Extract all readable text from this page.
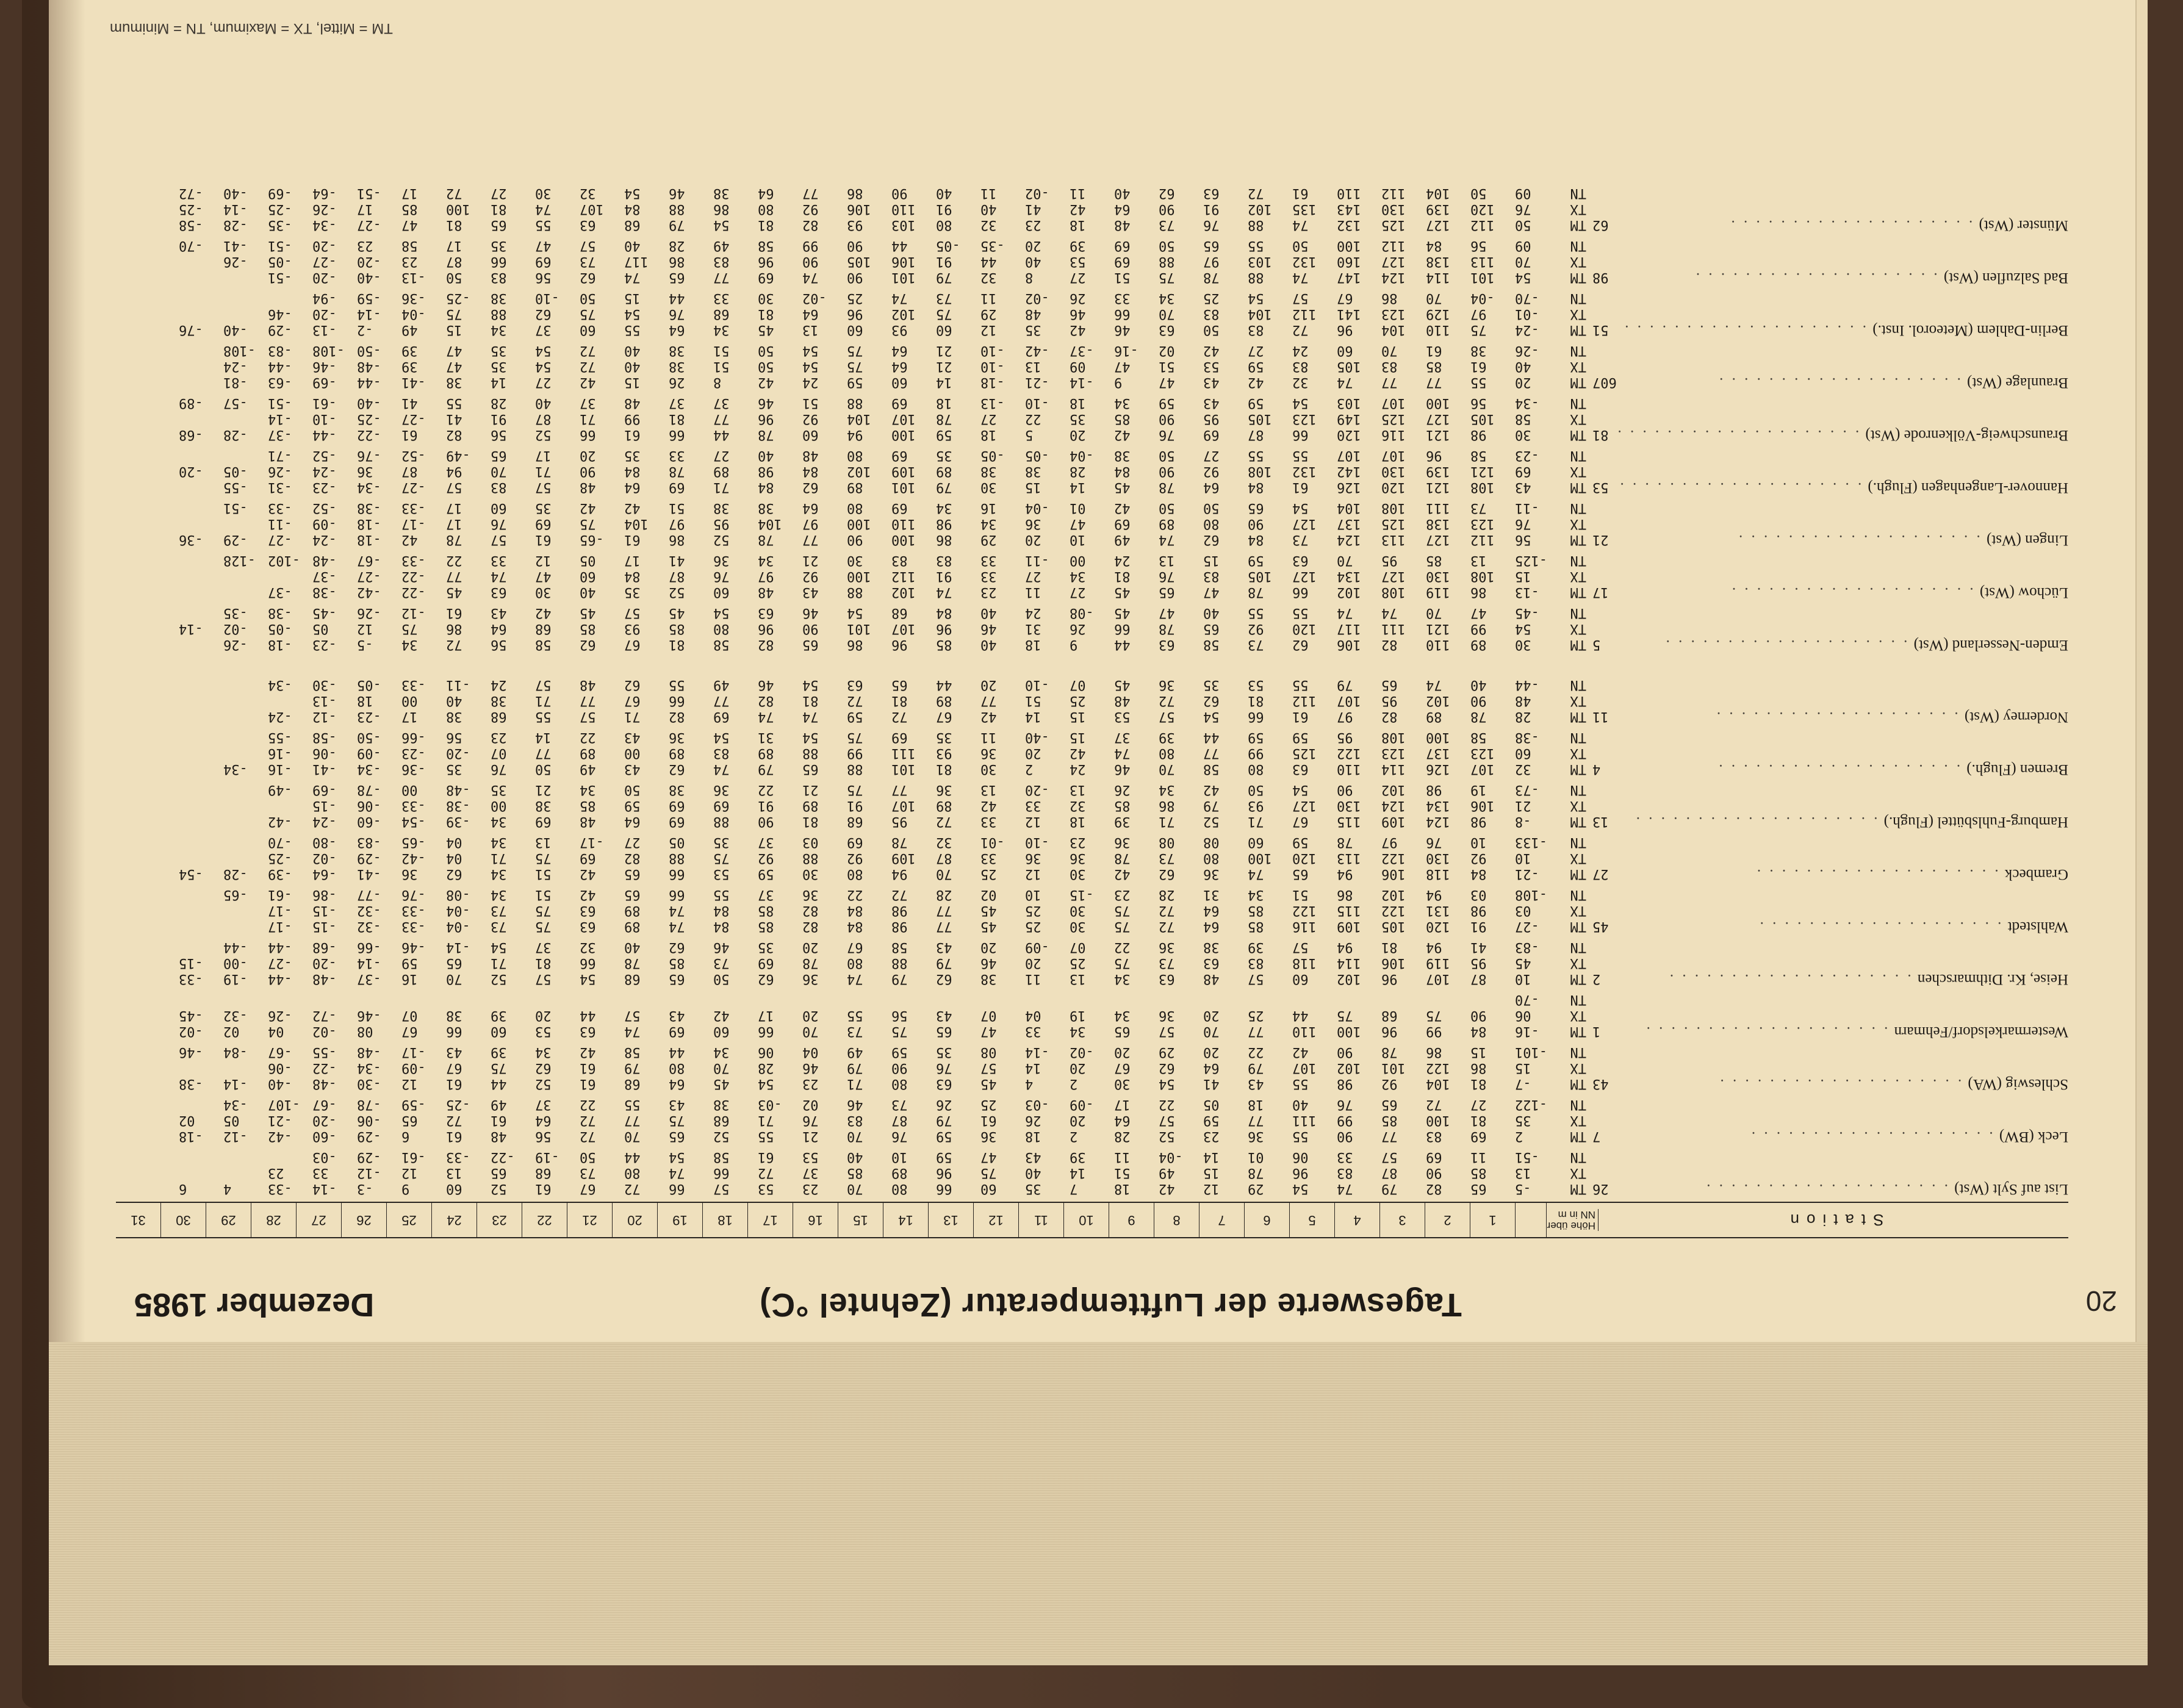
20
Tageswerte der Lufttemperatur (Zehntel °C)
Dezember 1985
Station
Höhe über NN in m
1
2
3
4
5
6
7
8
9
10
11
12
13
14
15
16
17
18
19
20
21
22
23
24
25
26
27
28
29
30
31
List auf Sylt (Wst) . . . . . . . . . . . . . . . . . . . .
26
TM
-5
65
82
79
74
54
29
12
42
18
7
35
60
66
80
70
23
53
57
66
72
67
61
52
60
9
-3
-14
-33
4
6
TX
13
85
90
87
83
96
78
15
49
51
14
40
75
96
89
85
37
72
66
74
80
73
68
65
13
12
-12
33
23
TN
-51
11
69
57
33
06
01
14
-04
11
39
43
47
59
10
40
53
61
58
54
44
50
-19
-22
-33
-61
-29
-03
Leck (BW) . . . . . . . . . . . . . . . . . . . .
7
TM
2
69
83
77
90
55
36
23
52
28
2
18
36
59
76
70
21
55
52
65
70
72
56
48
61
6
-29
-60
-42
-12
-18
TX
35
81
100
85
99
111
77
59
57
64
20
26
61
79
87
83
76
71
68
75
77
72
64
61
72
65
-06
-20
-21
05
02
TN
-122
27
72
65
76
40
18
05
22
17
-09
-03
25
26
73
46
02
-03
38
43
55
22
37
49
-25
-59
-78
-67
-107
-34
Schleswig (WA) . . . . . . . . . . . . . . . . . . . .
43
TM
-7
81
104
92
98
55
43
41
54
30
2
4
45
63
80
71
23
54
45
64
68
61
52
44
61
12
-30
-48
-40
-14
-38
TX
15
86
122
101
102
107
79
64
62
67
20
14
57
76
90
79
46
28
70
80
79
61
62
75
67
-09
-34
-22
-06
TN
-101
15
86
78
90
42
22
20
29
20
-02
-14
08
35
59
49
04
06
34
44
58
42
34
39
43
-17
-48
-55
-67
-84
-46
Westermarkelsdorf/Fehmarn . . . . . . . . . . . . . . . . . . . .
1
TM
-16
84
99
96
100
110
77
70
57
65
34
33
47
65
75
73
70
66
60
69
74
63
53
60
66
67
08
-02
04
02
-02
TX
06
90
75
68
75
44
25
20
36
34
19
04
07
43
56
55
20
17
42
43
57
44
20
39
38
07
-46
-72
-26
-32
-45
TN
-70
Heise, Kr. Dithmarschen . . . . . . . . . . . . . . . . . . . .
2
TM
10
87
107
96
102
60
57
48
63
34
13
11
38
62
79
74
36
62
50
65
68
54
57
52
70
16
-37
-48
-44
-19
-33
TX
45
95
119
106
114
118
83
63
73
75
25
20
46
79
88
80
78
69
73
85
78
66
81
71
65
59
-14
-20
-27
-00
-15
TN
-83
41
94
81
94
57
39
38
36
22
07
-09
20
43
58
67
20
35
46
62
40
32
37
54
-14
-46
-66
-68
-44
-44
Wahlstedt . . . . . . . . . . . . . . . . . . . .
45
TM
-27
91
120
105
109
116
85
64
72
75
30
25
45
77
98
84
82
85
84
74
89
63
75
73
-04
-33
-32
-15
-17
TX
03
98
131
122
115
122
85
64
72
75
30
25
45
77
98
84
82
85
84
74
89
63
75
73
-04
-33
-32
-15
-17
TN
-108
03
94
102
86
51
34
31
28
23
-15
10
02
28
72
22
36
37
55
66
65
42
51
34
-08
-76
-77
-86
-61
-65
Grambeck . . . . . . . . . . . . . . . . . . . .
27
TM
-21
84
118
106
94
65
74
36
62
42
30
12
25
70
94
80
30
59
53
66
65
42
51
34
62
36
-41
-64
-39
-28
-54
TX
10
92
130
122
113
120
100
80
73
78
36
36
33
87
109
92
88
92
75
88
82
69
75
71
04
-42
-29
-02
-25
TN
-133
10
76
97
78
59
60
08
08
36
23
-10
-01
32
78
69
03
37
35
05
27
-17
13
34
04
-65
-83
-80
-70
Hamburg-Fuhlsbüttel (Flugh.) . . . . . . . . . . . . . . . . . . . .
13
TM
-8
98
124
109
115
67
71
52
71
39
18
12
33
72
95
68
81
90
88
69
64
48
69
34
-39
-54
-60
-24
-42
TX
21
106
134
124
130
127
93
79
86
85
32
33
42
89
107
91
89
91
69
69
59
85
38
00
-38
-33
-06
-15
TN
-73
19
98
102
90
54
50
42
34
26
13
-20
13
36
77
75
21
22
36
38
50
34
21
35
-48
00
-78
-69
-49
Bremen (Flugh.) . . . . . . . . . . . . . . . . . . . .
4
TM
32
107
126
114
110
63
80
58
70
46
24
2
30
81
101
88
65
79
74
62
43
49
50
76
35
-36
-34
-41
-16
-34
TX
60
123
137
123
122
125
99
77
80
74
42
20
36
93
111
99
88
89
83
89
00
89
77
07
-20
-23
-09
-06
-16
TN
-38
58
100
108
95
59
59
44
39
37
15
-40
11
35
69
75
54
31
54
36
43
22
14
23
56
-66
-50
-58
-55
Norderney (Wst) . . . . . . . . . . . . . . . . . . . .
11
TM
28
78
89
82
97
61
66
54
57
53
15
14
42
67
72
59
74
74
69
82
71
57
55
68
38
17
-23
-12
-24
TX
48
90
102
95
107
112
81
62
72
48
25
51
77
89
81
72
81
82
77
66
67
77
71
38
40
00
18
-13
TN
-44
40
74
65
79
55
53
35
36
45
07
-10
20
44
65
63
54
46
49
55
62
48
57
24
-11
-33
-05
-30
-34
Emden-Nesserland (Wst) . . . . . . . . . . . . . . . . . . . .
5
TM
30
89
110
82
106
62
73
58
63
44
9
18
40
85
96
86
65
82
58
81
67
62
58
56
72
34
-5
-23
-18
-26
TX
54
99
121
111
117
120
92
65
78
66
26
31
46
96
107
101
90
96
80
85
93
85
68
64
86
75
12
05
-05
-02
-14
TN
-45
47
70
74
74
55
55
40
47
45
-08
24
40
84
68
54
46
63
54
45
57
45
42
43
61
-12
-26
-45
-38
-35
Lüchow (Wst) . . . . . . . . . . . . . . . . . . . .
17
TM
-13
86
119
108
102
66
78
47
65
45
27
11
23
74
102
88
43
48
60
52
35
40
30
63
45
-22
-42
-38
-37
TX
15
108
130
127
134
127
105
83
76
81
34
27
33
91
112
100
92
97
76
87
84
60
47
74
77
-22
-27
-37
TN
-125
13
85
95
70
63
59
15
13
24
00
-11
33
83
83
30
21
34
36
41
17
05
12
33
22
-33
-67
-48
-102
-128
Lingen (Wst) . . . . . . . . . . . . . . . . . . . .
21
TM
56
112
127
113
124
73
84
62
74
49
10
20
29
86
100
90
77
78
52
86
61
-65
61
57
78
42
-18
-24
-27
-29
-36
TX
76
123
138
125
137
127
90
80
89
69
47
36
34
98
110
100
97
104
95
97
104
75
69
76
17
-17
-18
-09
-11
TN
-11
73
111
108
104
54
65
50
50
42
01
-04
16
34
69
80
64
38
38
51
42
42
35
60
17
-33
-38
-52
-33
-51
Hannover-Langenhagen (Flugh.) . . . . . . . . . . . . . . . . . . . .
53
TM
43
108
121
120
126
61
84
64
78
45
14
15
30
79
101
89
62
84
71
69
64
48
57
83
57
-27
-34
-23
-31
-55
TX
69
121
139
130
142
132
108
92
90
84
28
38
38
89
109
102
84
98
89
78
84
90
71
70
94
87
36
-24
-26
-05
-20
TN
-23
58
96
107
107
55
55
27
50
38
-04
-05
-05
35
69
80
48
40
27
33
35
20
17
65
-49
-52
-76
-52
-71
Braunschweig-Völkenrode (Wst) . . . . . . . . . . . . . . . . . . . .
81
TM
30
98
121
116
120
66
87
69
76
42
20
5
18
59
100
94
60
78
44
66
61
66
52
56
82
61
-22
-44
-37
-28
-68
TX
58
105
127
125
149
123
105
95
90
85
35
22
27
78
107
104
92
96
77
81
99
71
87
91
41
-27
-25
-10
-14
TN
-34
56
100
107
103
54
59
43
59
34
18
-10
-13
18
69
88
51
46
37
37
48
37
40
28
55
41
-40
-61
-51
-57
-89
Braunlage (Wst) . . . . . . . . . . . . . . . . . . . .
607
TM
20
55
77
77
74
32
42
43
47
9
-14
-21
-18
14
60
59
24
42
8
26
15
42
27
14
38
-41
-44
-69
-63
-81
TX
40
61
85
83
105
83
59
53
51
47
09
13
-10
21
64
75
54
50
51
38
40
72
54
35
47
39
-48
-46
-44
-24
TN
-26
38
61
70
60
24
27
42
02
-16
-37
-42
-10
21
64
75
54
50
51
38
40
72
54
35
47
39
-50
-108
-83
-108
Berlin-Dahlem (Meteorol. Inst.) . . . . . . . . . . . . . . . . . . . .
51
TM
-24
75
110
104
96
72
83
50
63
46
42
35
12
60
93
60
13
45
34
64
55
60
37
34
15
49
-2
-13
-29
-40
-76
TX
-01
97
129
123
141
112
104
83
70
66
46
48
29
75
102
96
64
81
68
76
54
75
62
88
75
-04
-14
-20
-46
TN
-70
-04
70
86
67
57
54
25
34
33
26
-02
11
73
74
25
-02
30
33
44
15
50
-10
38
-25
-36
-59
-94
Bad Salzuflen (Wst) . . . . . . . . . . . . . . . . . . . .
98
TM
54
101
114
124
147
74
88
78
75
51
27
8
32
79
101
90
74
69
77
65
74
62
56
83
50
-13
-40
-20
-51
TX
70
113
138
127
160
132
103
97
88
69
53
40
44
91
106
105
90
96
83
86
117
73
69
66
87
23
-20
-27
-05
-26
TN
09
56
84
112
100
50
55
65
50
69
39
20
-35
-05
44
90
99
58
49
28
40
57
47
35
17
58
23
-20
-51
-41
-70
Münster (Wst) . . . . . . . . . . . . . . . . . . . .
62
TM
50
112
127
125
132
74
88
76
73
48
18
23
32
80
103
93
82
81
54
79
68
63
55
65
81
47
-27
-34
-35
-28
-58
TX
76
120
139
130
143
135
102
91
90
64
42
41
40
91
110
106
92
80
86
88
84
107
74
81
100
85
17
-26
-25
-14
-25
TN
09
50
104
112
110
61
72
63
62
40
11
-02
11
40
90
86
77
64
38
46
54
32
30
27
72
17
-51
-64
-69
-40
-72
TM = Mittel, TX = Maximum, TN = Minimum
